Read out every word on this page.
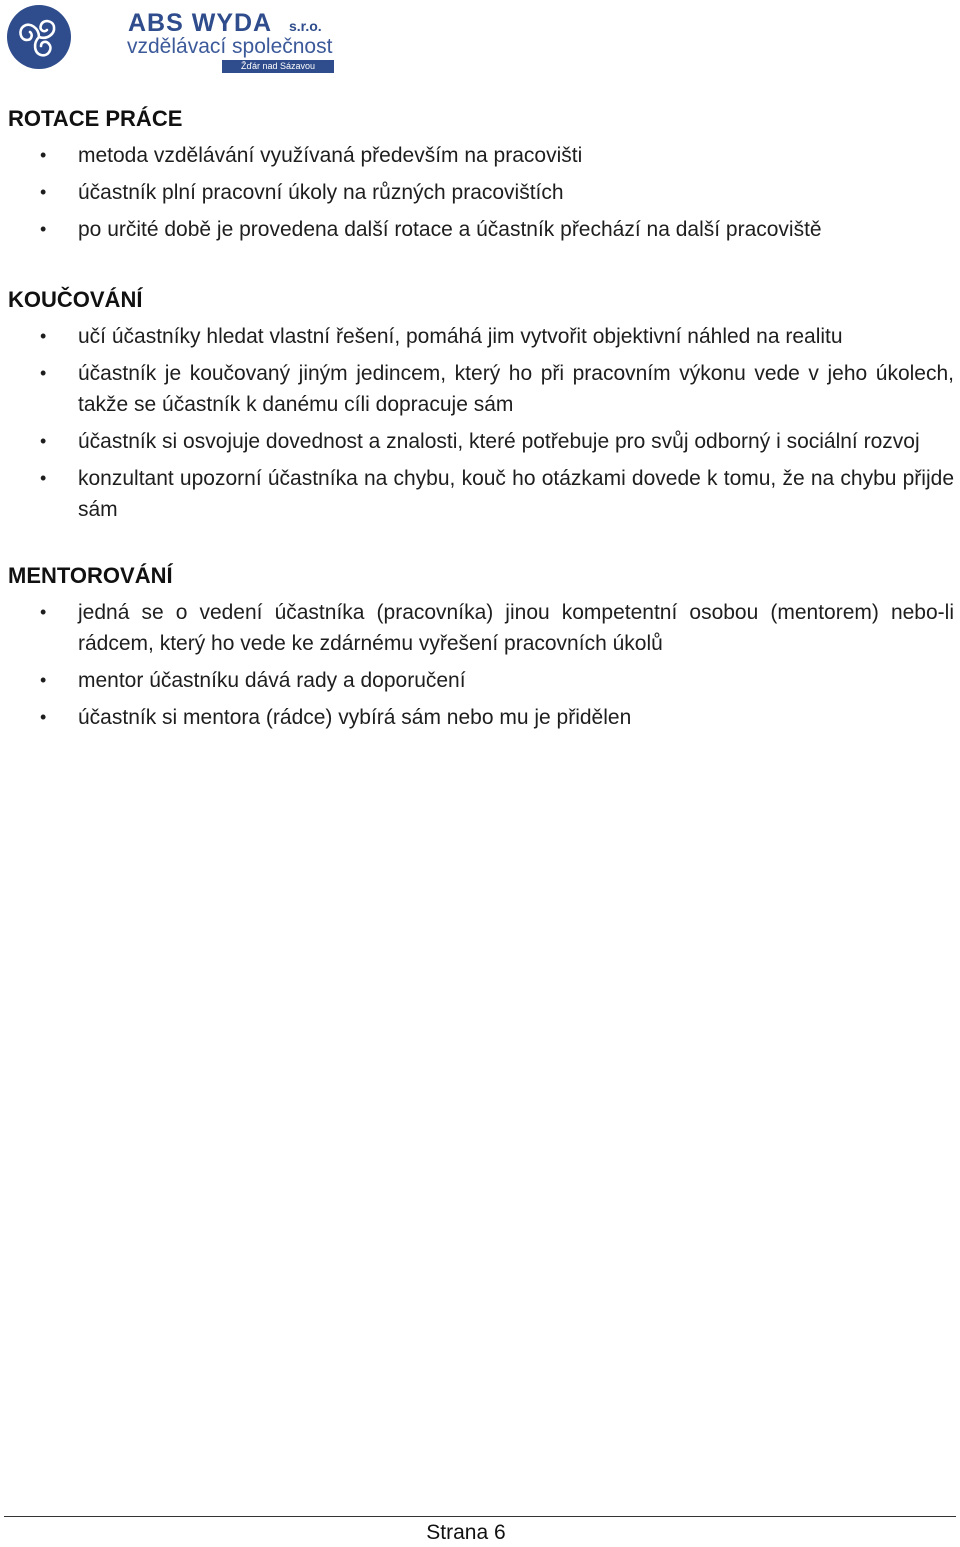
ABS WYDA s.r.o.
vzdělávací společnost
Žďár nad Sázavou
ROTACE PRÁCE
• metoda vzdělávání využívaná především na pracovišti
• účastník plní pracovní úkoly na různých pracovištích
• po určité době je provedena další rotace a účastník přechází na další pracoviště
KOUČOVÁNÍ
• učí účastníky hledat vlastní řešení, pomáhá jim vytvořit objektivní náhled na realitu
• účastník je koučovaný jiným jedincem, který ho při pracovním výkonu vede v jeho úkolech, takže se účastník k danému cíli dopracuje sám
• účastník si osvojuje dovednost a znalosti, které potřebuje pro svůj odborný i sociální rozvoj
• konzultant upozorní účastníka na chybu, kouč ho otázkami dovede k tomu, že na chybu přijde sám
MENTOROVÁNÍ
• jedná se o vedení účastníka (pracovníka) jinou kompetentní osobou (mentorem) nebo-li rádcem, který ho vede ke zdárnému vyřešení pracovních úkolů
• mentor účastníku dává rady a doporučení
• účastník si mentora (rádce) vybírá sám nebo mu je přidělen
Strana 6
